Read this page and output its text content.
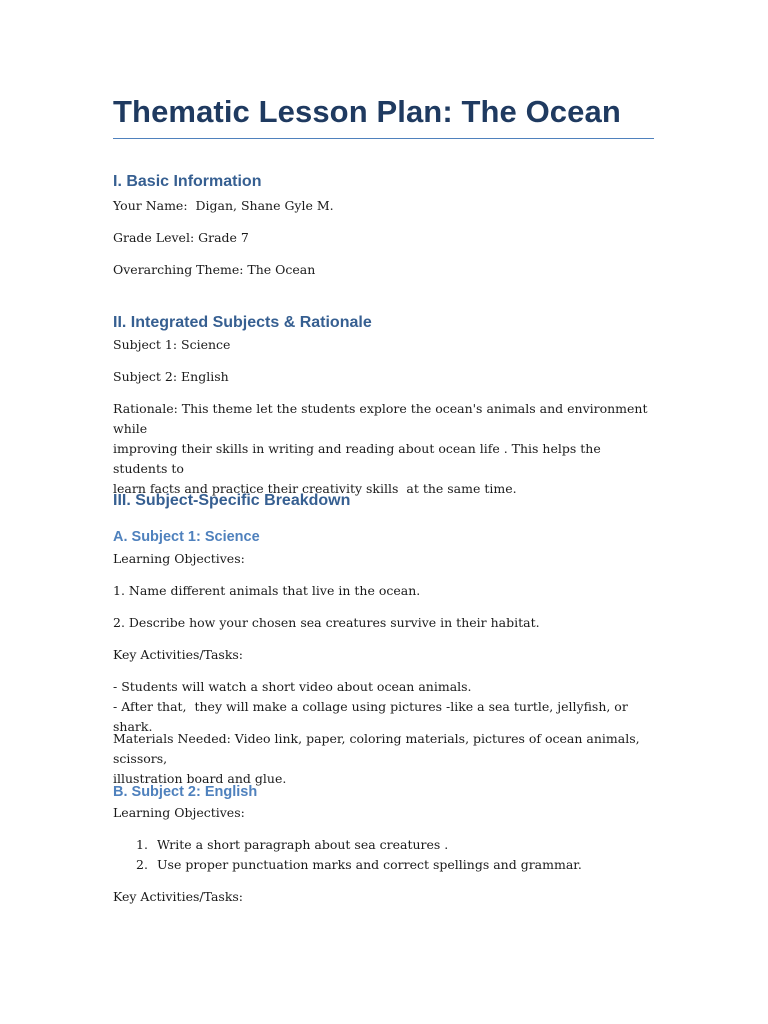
Thematic Lesson Plan: The Ocean
I. Basic Information
Your Name:  Digan, Shane Gyle M.
Grade Level: Grade 7
Overarching Theme: The Ocean
II. Integrated Subjects & Rationale
Subject 1: Science
Subject 2: English
Rationale: This theme let the students explore the ocean's animals and environment while
improving their skills in writing and reading about ocean life . This helps the students to
learn facts and practice their creativity skills  at the same time.
III. Subject-Specific Breakdown
A. Subject 1: Science
Learning Objectives:
1. Name different animals that live in the ocean.
2. Describe how your chosen sea creatures survive in their habitat.
Key Activities/Tasks:
- Students will watch a short video about ocean animals.
- After that,  they will make a collage using pictures -like a sea turtle, jellyfish, or shark.
Materials Needed: Video link, paper, coloring materials, pictures of ocean animals, scissors,
illustration board and glue.
B. Subject 2: English
Learning Objectives:
1. Write a short paragraph about sea creatures .
2. Use proper punctuation marks and correct spellings and grammar.
Key Activities/Tasks:
